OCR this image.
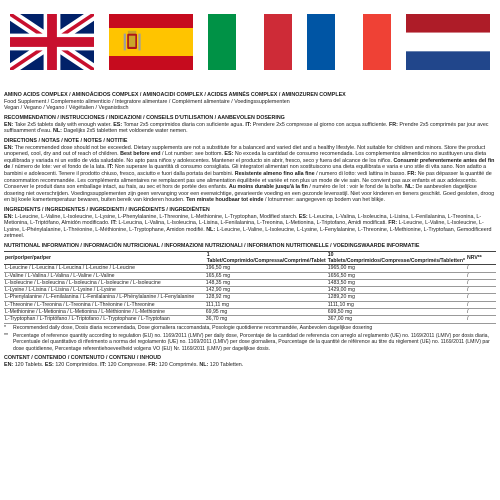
AMINO ACIDS COMPLEX / AMINOÁCIDOS COMPLEX / AMINOACIDI COMPLEX / ACIDES AMINÉS COMPLEX / AMINOZUREN COMPLEX
Food Supplement / Complemento alimenticio / Integratore alimentare / Complément alimentaire / Voedingssupplementen
Vegan / Vegano / Vegano / Végétalien / Veganistisch
RECOMMENDATION / INSTRUCCIONES / INDICAZIONI / CONSEILS D'UTILISATION / AANBEVOLEN DOSERING
EN: Take 2x5 tablets daily with enough water. ES: Tomar 2x5 comprimidos diaria con suficiente agua. IT: Prendere 2x5 compresse al giorno con acqua sufficiente. FR: Prendre 2x5 comprimés par jour avec suffisamment d'eau. NL: Dagelijks 2x5 tabletten met voldoende water nemen.
DIRECTIONS / NOTAS / NOTE / NOTES / NOTITIE
EN: The recommended dose should not be exceeded. Dietary supplements are not a substitute for a balanced and varied diet and a healthy lifestyle. Not suitable for children and minors. Store the product unopened, cool, dry and out of reach of children. Best before end / Lot number: see bottom. ES: No exceda la cantidad de consumo recomendada. Los complementos alimenticios no sustituyen una dieta equilibrada y variada ni un estilo de vida saludable. No apto para niños y adolescentes. Mantener el producto sin abrir, fresco, seco y fuera del alcance de los niños. Consumir preferentemente antes del fin de / número de lote: ver el fondo de la lata. IT: Non superare la quantità di consumo consigliata. Gli integratori alimentari non sostituiscono una dieta equilibrata e varia e uno stile di vita sano. Non adatto a bambini e adolescenti. Tenere il prodotto chiuso, fresco, asciutto e fuori dalla portata dei bambini. Resistente almeno fino alla fine / numero di lotto: vedi lattina in basso. FR: Ne pas dépasser la quantité de consommation recommandée. Les compléments alimentaires ne remplacent pas une alimentation équilibrée et variée et non plus un mode de vie sain. Ne convient pas aux enfants et aux adolescents. Conserver le produit dans son emballage intact, au frais, au sec et hors de portée des enfants. Au moins durable jusqu'à la fin / numéro de lot : voir le fond de la boîte. NL: De aanbevolen dagelijkse dosering niet overschrijden. Voedingssupplementen zijn geen vervanging voor een evenwichtige, gevarieerde voeding en een gezonde levensstijl. Niet voor kinderen en tieners geschikt. Goed gesloten, droog en bij koele kamertemperatuur bewaren, buiten bereik van kinderen houden. Ten minste houdbaar tot einde / lotnummer: aangegeven op bodem van het blikje.
INGREDIENTS / INGREDIENTES / INGREDIENTI / INGRÉDIENTS / INGREDIËNTEN
EN: L-Leucine, L-Valine, L-Isoleucine, L-Lysine, L-Phenylalanine, L-Threonine, L-Methionine, L-Tryptophan, Modified starch. ES: L-Leucina, L-Valina, L-Isoleucina, L-Lisina, L-Fenilalanina, L-Treonina, L-Metionina, L-Triptófano, Almidón modificado. IT: L-Leucina, L-Valina, L-Isoleucina, L-Lisina, L-Fenilalanina, L-Treonina, L-Metionina, L-Triptofano, Amidi modificati. FR: L-Leucine, L-Valine, L-Isoleucine, L-Lysine, L-Phénylalanine, L-Thréonine, L-Méthionine, L-Tryptophane, Amidon modifié. NL: L-Leucine, L-Valine, L-Isoleucine, L-Lysine, L-Fenylalanine, L-Threonine, L-Methionine, L-Tryptofaan, Gemodificeerd zetmeel.
NUTRITIONAL INFORMATION / INFORMACIÓN NUTRICIONAL / INFORMAZIONI NUTRIZIONALI / INFORMATION NUTRITIONELLE / VOEDINGSWAARDE INFORMATIE
per/por/per/par/per	1 Tablet/Comprimido/Compressa/Comprimé/Tablet	10 Tablets/Comprimidos/Compresse/Comprimés/Tabletten*	NRV**
L-Leucine / L-Leucina / L-Leucina / L-Leucine / L-Leucine	196,50 mg	1965,00 mg	/
L-Valine / L-Valina / L-Valina / L-Valine / L-Valine	165,65 mg	1656,50 mg	/
L-Isoleucine / L-Isoleucina / L-Isoleucina / L-Isoleucine / L-Isoleucine	148,35 mg	1483,50 mg	/
L-Lysine / L-Lisina / L-Lisina / L-Lysine / L-Lysine	142,90 mg	1429,00 mg	/
L-Phenylalanine / L-Fenilalanina / L-Fenilalanina / L-Phénylalanine / L-Fenylalanine	128,92 mg	1289,20 mg	/
L-Threonine / L-Treonina / L-Treonina / L-Thréonine / L-Threonine	111,11 mg	1111,10 mg	/
L-Methionine / L-Metionina / L-Metionina / L-Méthionine / L-Methionine	69,95 mg	699,50 mg	/
L-Tryptophan / L-Triptófano / L-Triptofano / L-Tryptophane / L-Tryptofaan	36,70 mg	367,00 mg	/
*	Recommended daily dose, Dosis diaria recomendada, Dose giornaliera raccomandata, Posologie quotidienne recommandée, Aanbevolen dagelijkse dosering
** Percentage of reference quantity according to regulation (EU) no. 1169/2011 (LMIV) per daily dose, Porcentaje de la cantidad de referencia con arreglo al reglamento (UE) no. 1169/2011 (LMIV) por dosis diaria, Percentuale del quantitativo di riferimento a norma del regolamento (UE) no. 1169/2011 (LMIV) per dose giornaliera, Pourcentage de la quantité de référence au titre du règlement (UE) no. 1169/2011 (LMIV) par dose quotidienne, Percentage referentiehoeveelheid volgens VO (EU) Nr. 1169/2011 (LMIV) per dagelijkse dosis.
CONTENT / CONTENIDO / CONTENUTO / CONTENU / INHOUD
EN: 120 Tablets. ES: 120 Comprimidos. IT: 120 Compresse. FR: 120 Comprimés. NL: 120 Tabletten.
